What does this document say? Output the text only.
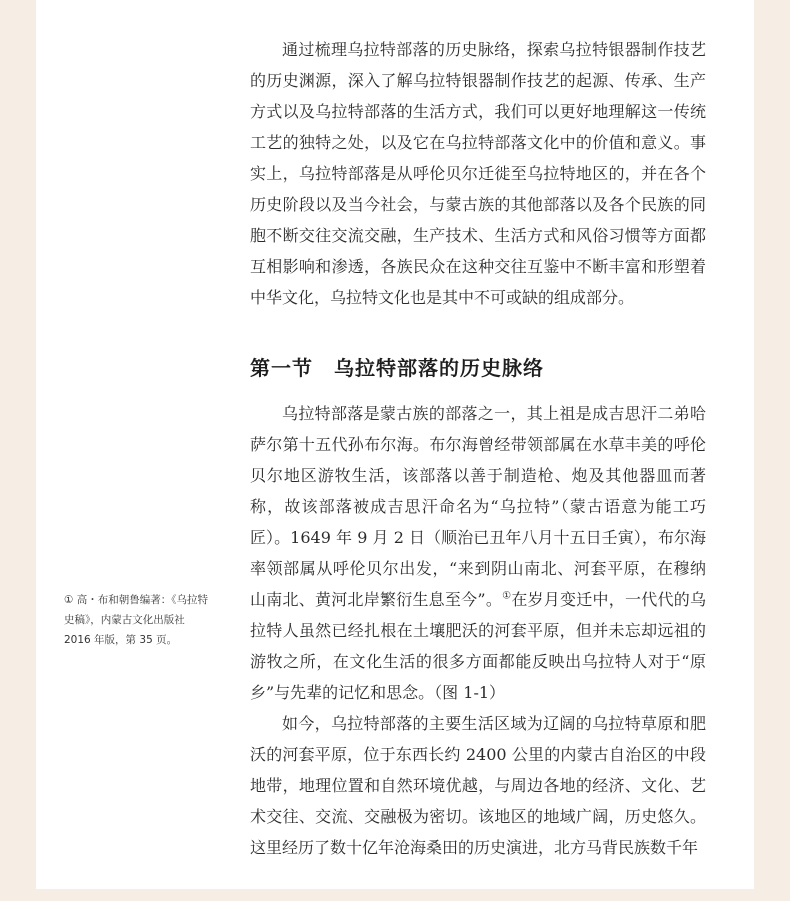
通过梳理乌拉特部落的历史脉络，探索乌拉特银器制作技艺的历史渊源，深入了解乌拉特银器制作技艺的起源、传承、生产方式以及乌拉特部落的生活方式，我们可以更好地理解这一传统工艺的独特之处，以及它在乌拉特部落文化中的价值和意义。事实上，乌拉特部落是从呼伦贝尔迁徙至乌拉特地区的，并在各个历史阶段以及当今社会，与蒙古族的其他部落以及各个民族的同胞不断交往交流交融，生产技术、生活方式和风俗习惯等方面都互相影响和渗透，各族民众在这种交往互鉴中不断丰富和形塑着中华文化，乌拉特文化也是其中不可或缺的组成部分。

第一节　乌拉特部落的历史脉络

乌拉特部落是蒙古族的部落之一，其上祖是成吉思汗二弟哈萨尔第十五代孙布尔海。布尔海曾经带领部属在水草丰美的呼伦贝尔地区游牧生活，该部落以善于制造枪、炮及其他器皿而著称，故该部落被成吉思汗命名为“乌拉特”（蒙古语意为能工巧匠）。1649 年 9 月 2 日（顺治已丑年八月十五日壬寅），布尔海率领部属从呼伦贝尔出发，“来到阴山南北、河套平原，在穆纳山南北、黄河北岸繁衍生息至今”。①在岁月变迁中，一代代的乌拉特人虽然已经扎根在土壤肥沃的河套平原，但并未忘却远祖的游牧之所，在文化生活的很多方面都能反映出乌拉特人对于“原乡”与先辈的记忆和思念。（图 1-1）

如今，乌拉特部落的主要生活区域为辽阔的乌拉特草原和肥沃的河套平原，位于东西长约 2400 公里的内蒙古自治区的中段地带，地理位置和自然环境优越，与周边各地的经济、文化、艺术交往、交流、交融极为密切。该地区的地域广阔，历史悠久。这里经历了数十亿年沧海桑田的历史演进，北方马背民族数千年

① 高・布和朝鲁编著：《乌拉特史稿》，内蒙古文化出版社 2016 年版，第 35 页。
